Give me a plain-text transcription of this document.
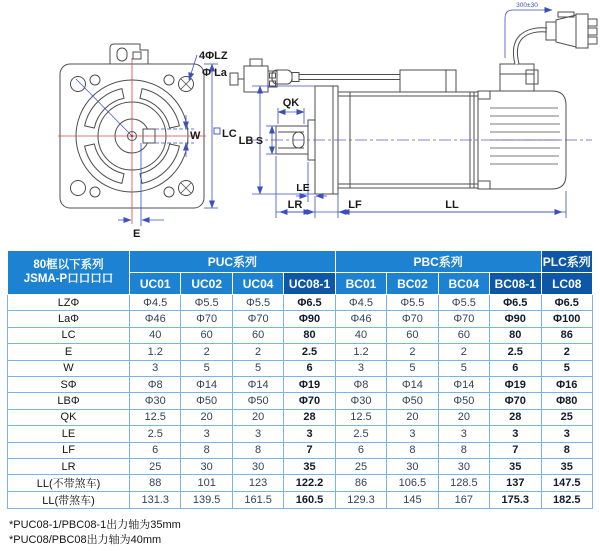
4ΦLZ
Φ La
W LC
E
QK
LB S
LE
LR	LF	LL
300±30
80框以下系列
JSMA-P口口口口	PUC系列				PBC系列				PLC系列
	UC01	UC02	UC04	UC08-1	BC01	BC02	BC04	BC08-1	LC08
LZΦ	Φ4.5	Φ5.5	Φ5.5	Φ6.5	Φ4.5	Φ5.5	Φ5.5	Φ6.5	Φ6.5
LaΦ	Φ46	Φ70	Φ70	Φ90	Φ46	Φ70	Φ70	Φ90	Φ100
LC	40	60	60	80	40	60	60	80	86
E	1.2	2	2	2.5	1.2	2	2	2.5	2
W	3	5	5	6	3	5	5	6	5
SΦ	Φ8	Φ14	Φ14	Φ19	Φ8	Φ14	Φ14	Φ19	Φ16
LBΦ	Φ30	Φ50	Φ50	Φ70	Φ30	Φ50	Φ50	Φ70	Φ80
QK	12.5	20	20	28	12.5	20	20	28	25
LE	2.5	3	3	3	2.5	3	3	3	3
LF	6	8	8	7	6	8	8	7	8
LR	25	30	30	35	25	30	30	35	35
LL(不带煞车)	88	101	123	122.2	86	106.5	128.5	137	147.5
LL(带煞车)	131.3	139.5	161.5	160.5	129.3	145	167	175.3	182.5
*PUC08-1/PBC08-1出力轴为35mm
*PUC08/PBC08出力轴为40mm
